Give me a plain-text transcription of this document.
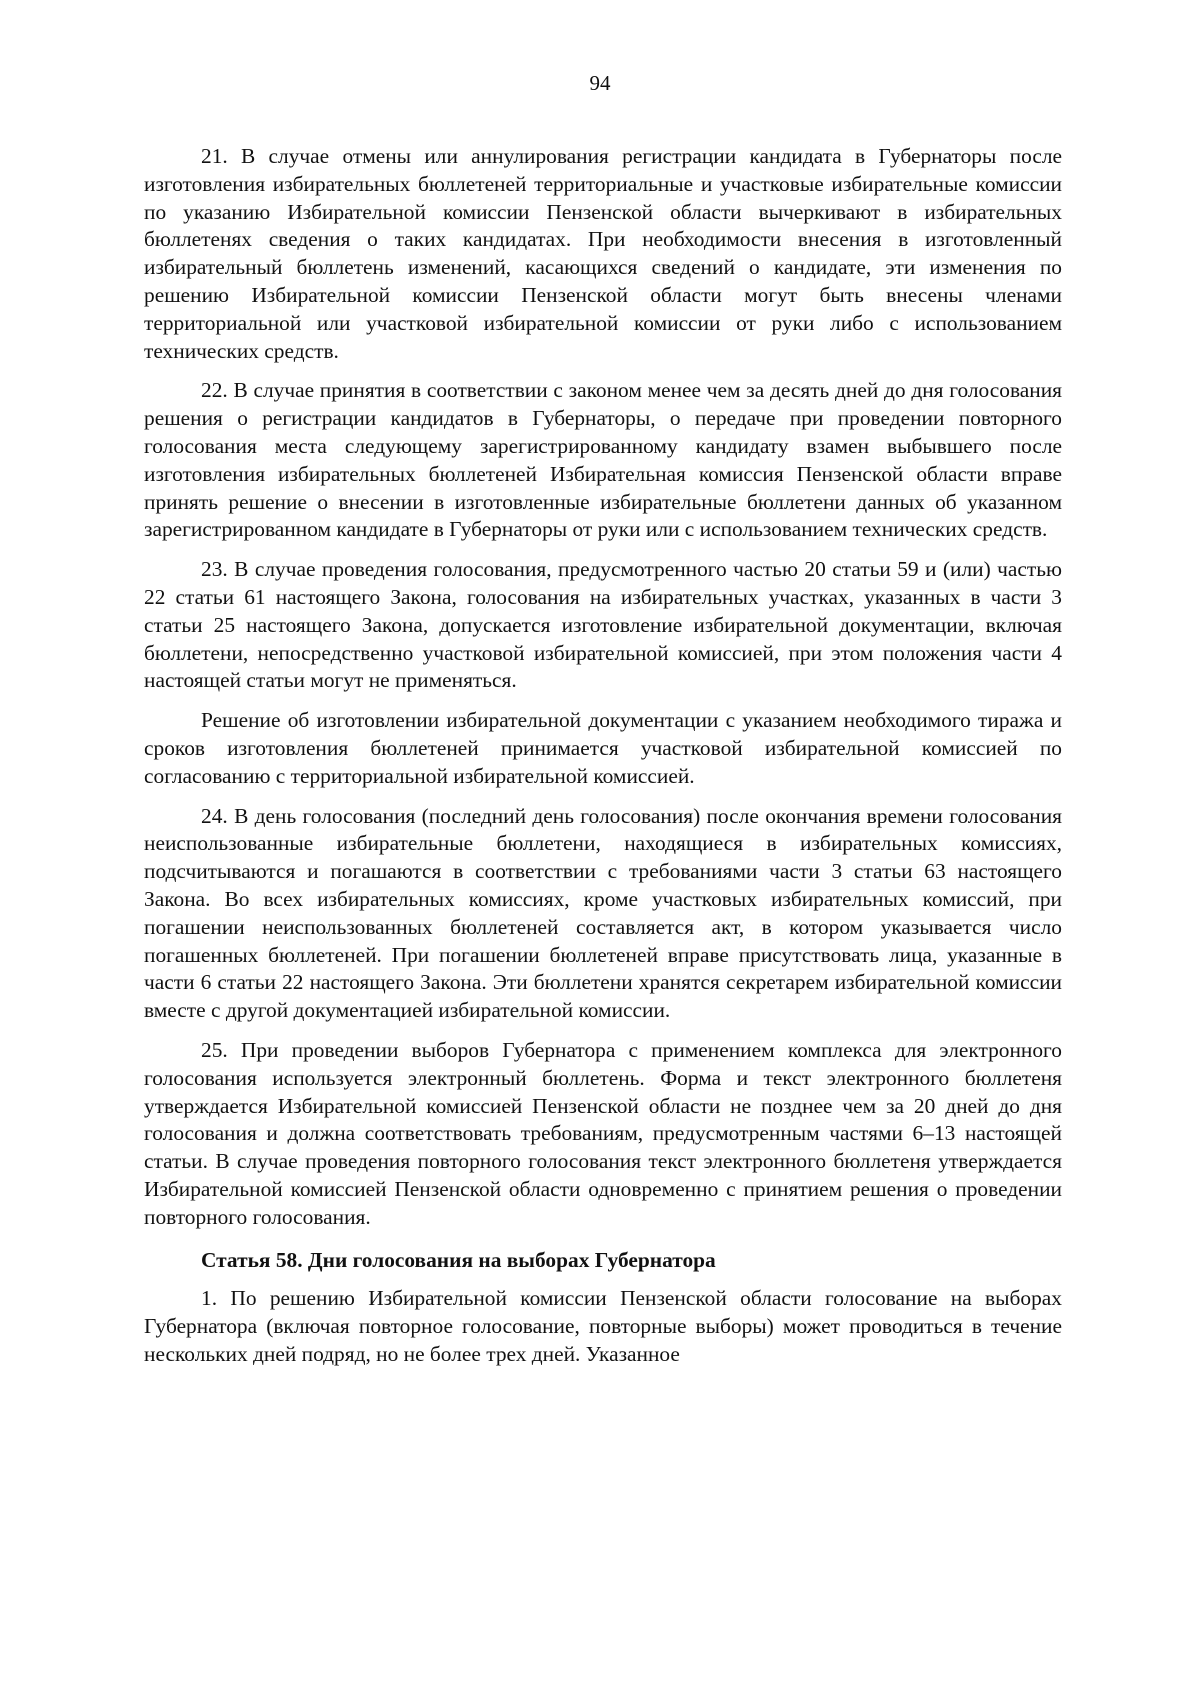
94

21. В случае отмены или аннулирования регистрации кандидата в Губернаторы после изготовления избирательных бюллетеней территориальные и участковые избирательные комиссии по указанию Избирательной комиссии Пензенской области вычеркивают в избирательных бюллетенях сведения о таких кандидатах. При необходимости внесения в изготовленный избирательный бюллетень изменений, касающихся сведений о кандидате, эти изменения по решению Избирательной комиссии Пензенской области могут быть внесены членами территориальной или участковой избирательной комиссии от руки либо с использованием технических средств.

22. В случае принятия в соответствии с законом менее чем за десять дней до дня голосования решения о регистрации кандидатов в Губернаторы, о передаче при проведении повторного голосования места следующему зарегистрированному кандидату взамен выбывшего после изготовления избирательных бюллетеней Избирательная комиссия Пензенской области вправе принять решение о внесении в изготовленные избирательные бюллетени данных об указанном зарегистрированном кандидате в Губернаторы от руки или с использованием технических средств.

23. В случае проведения голосования, предусмотренного частью 20 статьи 59 и (или) частью 22 статьи 61 настоящего Закона, голосования на избирательных участках, указанных в части 3 статьи 25 настоящего Закона, допускается изготовление избирательной документации, включая бюллетени, непосредственно участковой избирательной комиссией, при этом положения части 4 настоящей статьи могут не применяться.

Решение об изготовлении избирательной документации с указанием необходимого тиража и сроков изготовления бюллетеней принимается участковой избирательной комиссией по согласованию с территориальной избирательной комиссией.

24. В день голосования (последний день голосования) после окончания времени голосования неиспользованные избирательные бюллетени, находящиеся в избирательных комиссиях, подсчитываются и погашаются в соответствии с требованиями части 3 статьи 63 настоящего Закона. Во всех избирательных комиссиях, кроме участковых избирательных комиссий, при погашении неиспользованных бюллетеней составляется акт, в котором указывается число погашенных бюллетеней. При погашении бюллетеней вправе присутствовать лица, указанные в части 6 статьи 22 настоящего Закона. Эти бюллетени хранятся секретарем избирательной комиссии вместе с другой документацией избирательной комиссии.

25. При проведении выборов Губернатора с применением комплекса для электронного голосования используется электронный бюллетень. Форма и текст электронного бюллетеня утверждается Избирательной комиссией Пензенской области не позднее чем за 20 дней до дня голосования и должна соответствовать требованиям, предусмотренным частями 6–13 настоящей статьи. В случае проведения повторного голосования текст электронного бюллетеня утверждается Избирательной комиссией Пензенской области одновременно с принятием решения о проведении повторного голосования.

Статья 58. Дни голосования на выборах Губернатора

1. По решению Избирательной комиссии Пензенской области голосование на выборах Губернатора (включая повторное голосование, повторные выборы) может проводиться в течение нескольких дней подряд, но не более трех дней. Указанное
